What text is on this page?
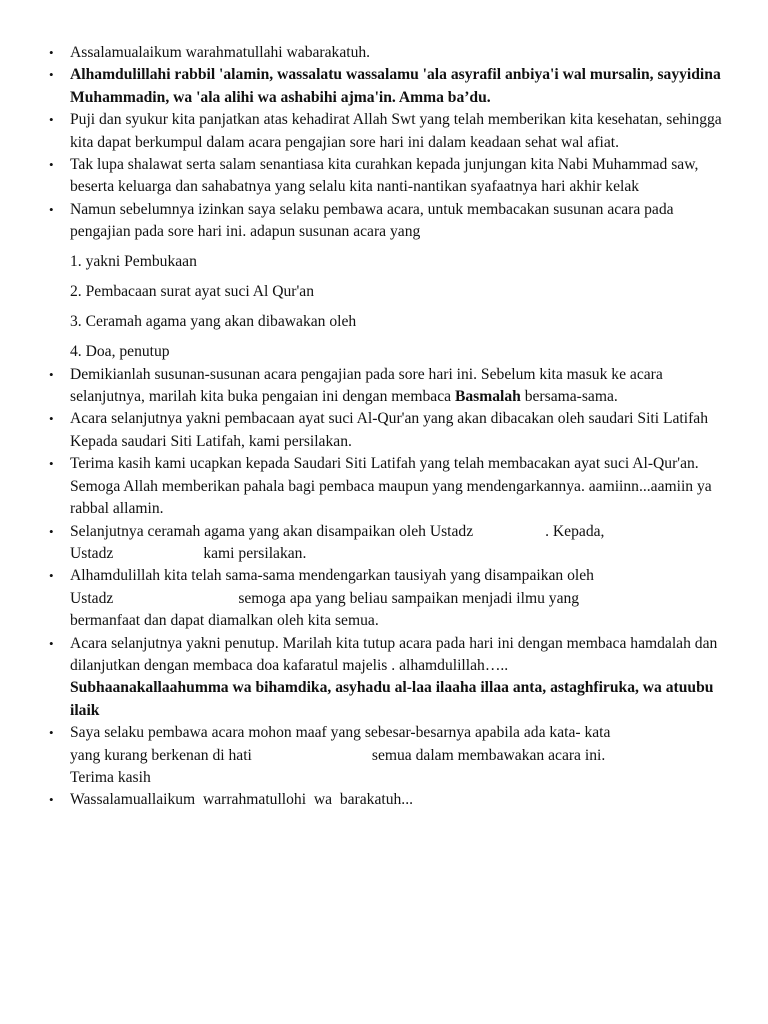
• Assalamualaikum warahmatullahi wabarakatuh.
• Alhamdulillahi rabbil 'alamin, wassalatu wassalamu 'ala asyrafil anbiya'i wal mursalin, sayyidina Muhammadin, wa 'ala alihi wa ashabihi ajma'in. Amma ba’du.
• Puji dan syukur kita panjatkan atas kehadirat Allah Swt yang telah memberikan kita kesehatan, sehingga kita dapat berkumpul dalam acara pengajian sore hari ini dalam keadaan sehat wal afiat.
• Tak lupa shalawat serta salam senantiasa kita curahkan kepada junjungan kita Nabi Muhammad saw, beserta keluarga dan sahabatnya yang selalu kita nanti-nantikan syafaatnya hari akhir kelak
• Namun sebelumnya izinkan saya selaku pembawa acara, untuk membacakan susunan acara pada pengajian pada sore hari ini. adapun susunan acara yang
1. yakni Pembukaan
2. Pembacaan surat ayat suci Al Qur'an
3. Ceramah agama yang akan dibawakan oleh
4. Doa, penutup
• Demikianlah susunan-susunan acara pengajian pada sore hari ini. Sebelum kita masuk ke acara selanjutnya, marilah kita buka pengaian ini dengan membaca Basmalah bersama-sama.
• Acara selanjutnya yakni pembacaan ayat suci Al-Qur'an yang akan dibacakan oleh saudari Siti Latifah Kepada saudari Siti Latifah, kami persilakan.
• Terima kasih kami ucapkan kepada Saudari Siti Latifah yang telah membacakan ayat suci Al-Qur'an. Semoga Allah memberikan pahala bagi pembaca maupun yang mendengarkannya. aamiinn...aamiin ya rabbal allamin.
• Selanjutnya ceramah agama yang akan disampaikan oleh Ustadz	. Kepada,
Ustadz	kami persilakan.
• Alhamdulillah kita telah sama-sama mendengarkan tausiyah yang disampaikan oleh
Ustadz	semoga apa yang beliau sampaikan menjadi ilmu yang
bermanfaat dan dapat diamalkan oleh kita semua.
• Acara selanjutnya yakni penutup. Marilah kita tutup acara pada hari ini dengan membaca hamdalah dan dilanjutkan dengan membaca doa kafaratul majelis . alhamdulillah…..
Subhaanakallaahumma wa bihamdika, asyhadu al-laa ilaaha illaa anta, astaghfiruka, wa atuubu ilaik
• Saya selaku pembawa acara mohon maaf yang sebesar-besarnya apabila ada kata- kata
yang kurang berkenan di hati	semua dalam membawakan acara ini.
Terima kasih
• Wassalamuallaikum  warrahmatullohi  wa  barakatuh...
